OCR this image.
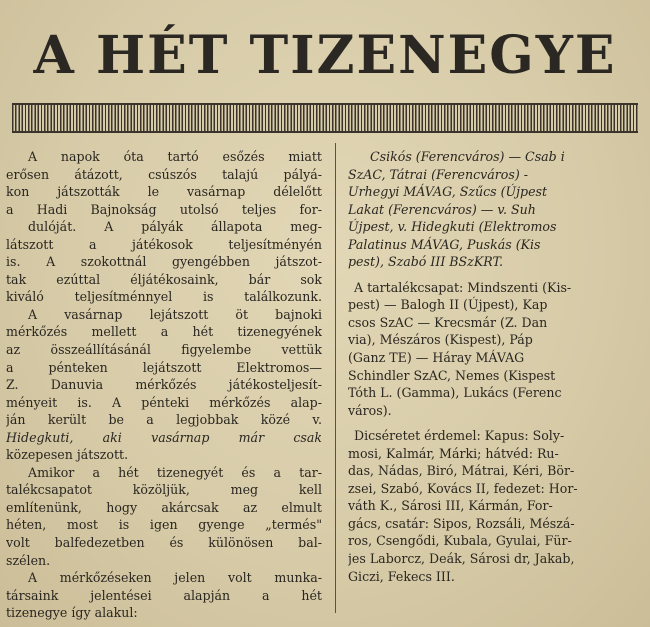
A HÉT TIZENEGYE

A napok óta tartó esőzés miatt
erősen átázott, csúszós talajú pályá-
kon játszották le vasárnap délelőtt
a Hadi Bajnokság utolsó teljes for-
dulóját. A pályák állapota meg-
látszott a játékosok teljesítményén
is. A szokottnál gyengébben játszot-
tak ezúttal éljátékosaink, bár sok
kiváló teljesítménnyel is találkozunk.

A vasárnap lejátszott öt bajnoki
mérkőzés mellett a hét tizenegyének
az összeállításánál figyelembe vettük
a pénteken lejátszott Elektromos—
Z. Danuvia mérkőzés játékosteljesít-
ményeit is. A pénteki mérkőzés alap-
ján került be a legjobbak közé v.
Hidegkuti, aki vasárnap már csak
közepesen játszott.

Amikor a hét tizenegyét és a tar-
talékcsapatot közöljük, meg kell
említenünk, hogy akárcsak az elmult
héten, most is igen gyenge „termés"
volt balfedezetben és különösen bal-
szélen.

A mérkőzéseken jelen volt munka-
társaink jelentései alapján a hét
tizenegye így alakul:

Csikós (Ferencváros) — Csab i
SzAC, Tátrai (Ferencváros) -
Urhegyi MÁVAG, Szűcs (Újpest
Lakat (Ferencváros) — v. Suh
Újpest, v. Hidegkuti (Elektromos
Palatinus MÁVAG, Puskás (Kis
pest), Szabó III BSzKRT.
A tartalékcsapat: Mindszenti (Kis-
pest) — Balogh II (Újpest), Kap
csos SzAC — Krecsmár (Z. Dan
via), Mészáros (Kispest), Páp
(Ganz TE) — Háray MÁVAG
Schindler SzAC, Nemes (Kispest
Tóth L. (Gamma), Lukács (Ferenc
város).
Dicséretet érdemel: Kapus: Soly-
mosi, Kalmár, Márki; hátvéd: Ru-
das, Nádas, Biró, Mátrai, Kéri, Bör-
zsei, Szabó, Kovács II, fedezet: Hor-
váth K., Sárosi III, Kármán, For-
gács, csatár: Sipos, Rozsáli, Mészá-
ros, Csengődi, Kubala, Gyulai, Für-
jes Laborcz, Deák, Sárosi dr, Jakab,
Giczi, Fekecs III.
